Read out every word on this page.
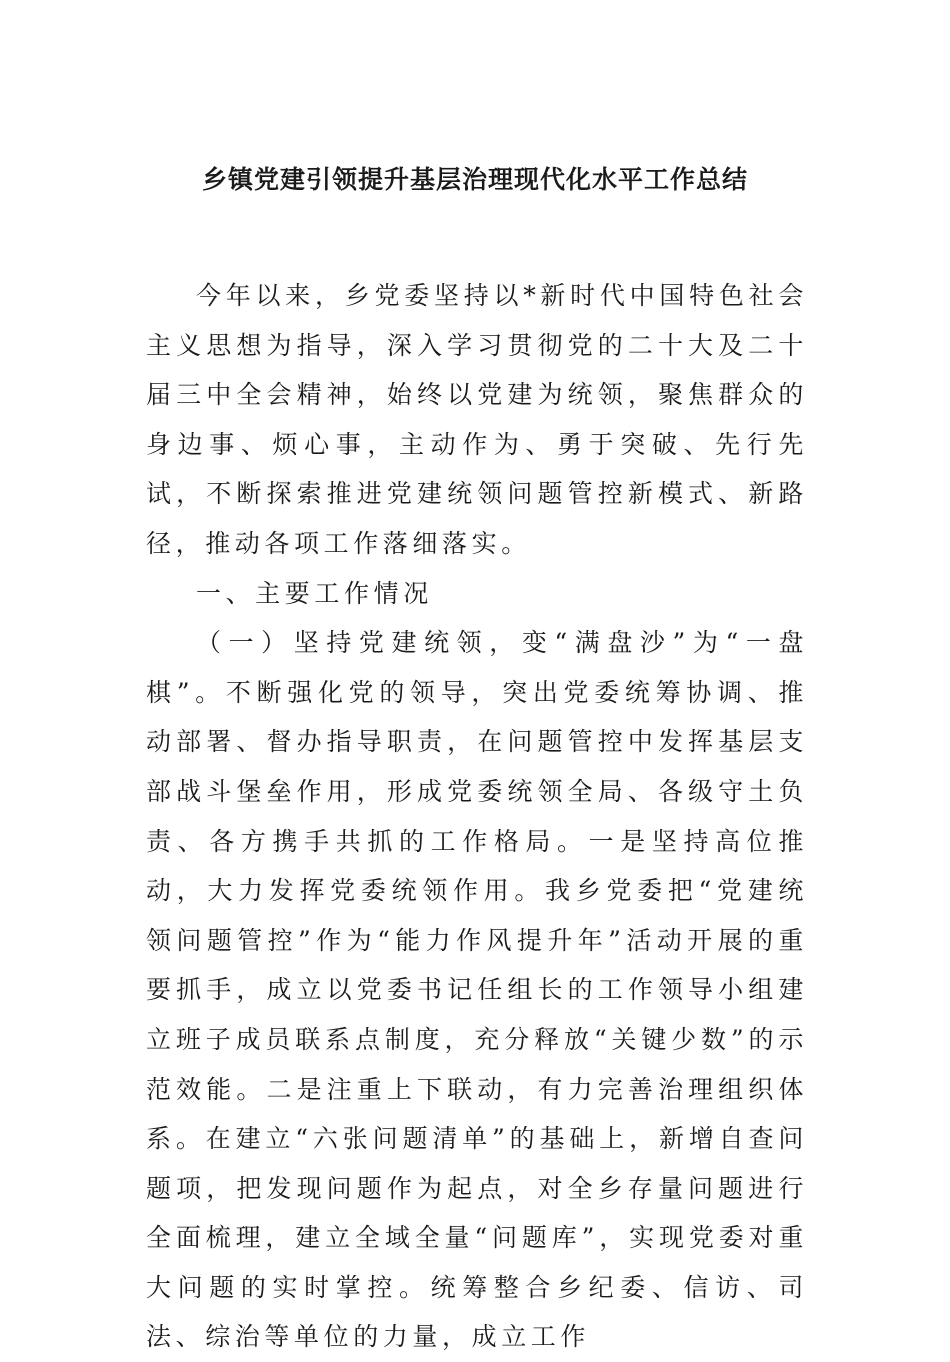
乡镇党建引领提升基层治理现代化水平工作总结

今年以来，乡党委坚持以*新时代中国特色社会主义思想为指导，深入学习贯彻党的二十大及二十届三中全会精神，始终以党建为统领，聚焦群众的身边事、烦心事，主动作为、勇于突破、先行先试，不断探索推进党建统领问题管控新模式、新路径，推动各项工作落细落实。

一、主要工作情况

（一）坚持党建统领，变“满盘沙”为“一盘棋”。不断强化党的领导，突出党委统筹协调、推动部署、督办指导职责，在问题管控中发挥基层支部战斗堡垒作用，形成党委统领全局、各级守土负责、各方携手共抓的工作格局。一是坚持高位推动，大力发挥党委统领作用。我乡党委把“党建统领问题管控”作为“能力作风提升年”活动开展的重要抓手，成立以党委书记任组长的工作领导小组建立班子成员联系点制度，充分释放“关键少数”的示范效能。二是注重上下联动，有力完善治理组织体系。在建立“六张问题清单”的基础上，新增自查问题项，把发现问题作为起点，对全乡存量问题进行全面梳理，建立全域全量“问题库”，实现党委对重大问题的实时掌控。统筹整合乡纪委、信访、司法、综治等单位的力量，成立工作
